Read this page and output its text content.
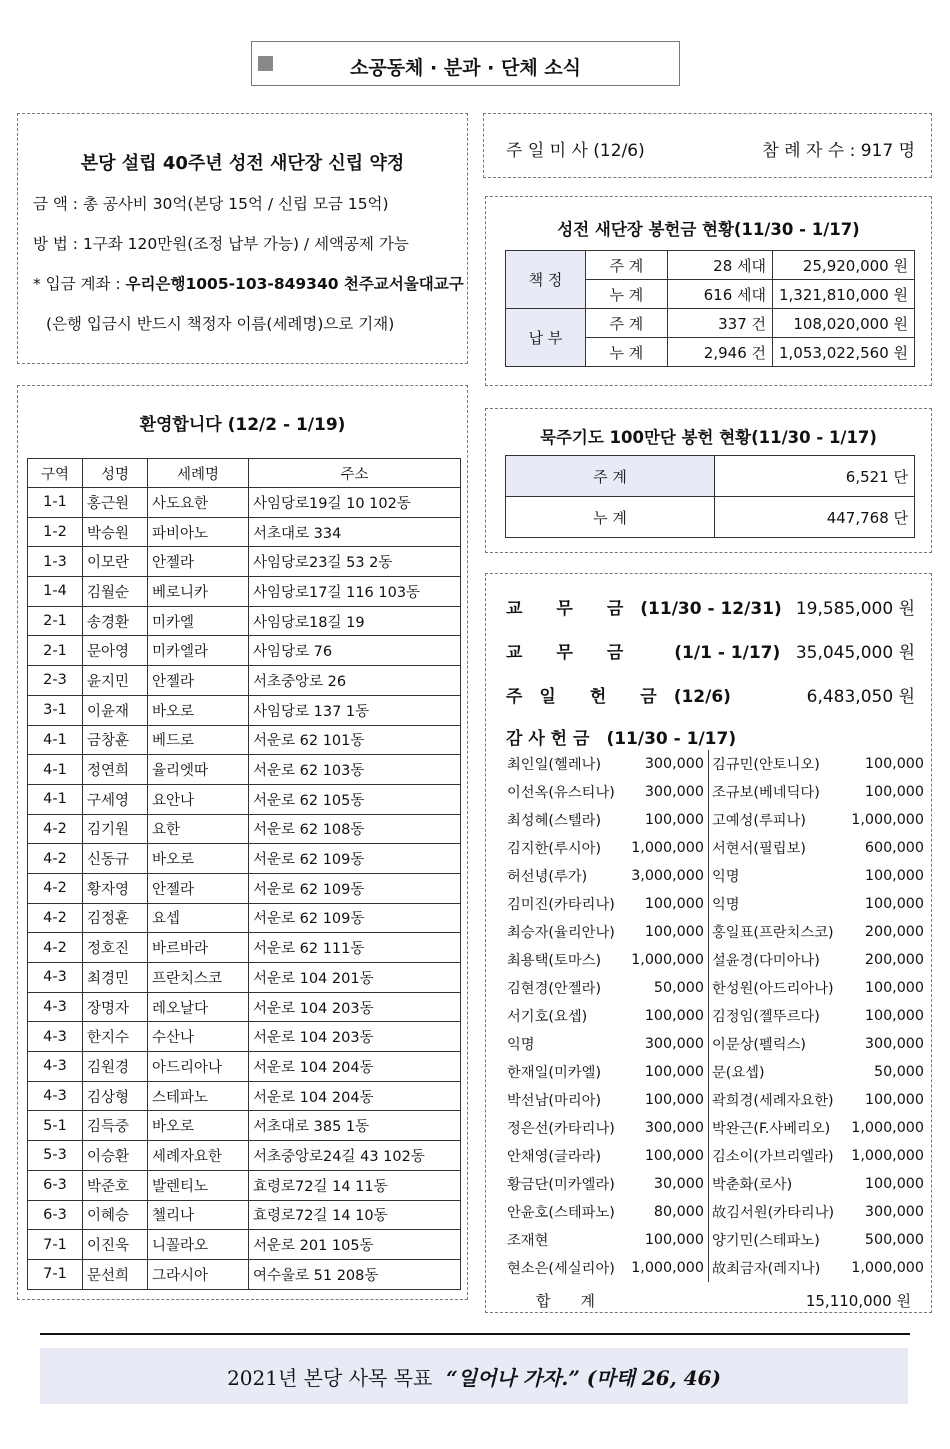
소공동체 · 분과 · 단체 소식
본당 설립 40주년 성전 새단장 신립 약정
금 액 : 총 공사비 30억(본당 15억 / 신립 모금 15억)
방 법 : 1구좌 120만원(조정 납부 가능) / 세액공제 가능
* 입금 계좌 : 우리은행1005-103-849340 천주교서울대교구
(은행 입금시 반드시 책정자 이름(세례명)으로 기재)
환영합니다 (12/2 - 1/19)
구역	성명	세례명	주소
1-1	홍근원	사도요한	사임당로19길 10 102동
1-2	박승원	파비아노	서초대로 334
1-3	이모란	안젤라	사임당로23길 53 2동
1-4	김월순	베로니카	사임당로17길 116 103동
2-1	송경환	미카엘	사임당로18길 19
2-1	문아영	미카엘라	사임당로 76
2-3	윤지민	안젤라	서초중앙로 26
3-1	이윤재	바오로	사임당로 137 1동
4-1	금창훈	베드로	서운로 62 101동
4-1	정연희	율리엣따	서운로 62 103동
4-1	구세영	요안나	서운로 62 105동
4-2	김기원	요한	서운로 62 108동
4-2	신동규	바오로	서운로 62 109동
4-2	황자영	안젤라	서운로 62 109동
4-2	김정훈	요셉	서운로 62 109동
4-2	정호진	바르바라	서운로 62 111동
4-3	최경민	프란치스코	서운로 104 201동
4-3	장명자	레오날다	서운로 104 203동
4-3	한지수	수산나	서운로 104 203동
4-3	김원경	아드리아나	서운로 104 204동
4-3	김상형	스테파노	서운로 104 204동
5-1	김득중	바오로	서초대로 385 1동
5-3	이승환	세례자요한	서초중앙로24길 43 102동
6-3	박준호	발렌티노	효령로72길 14 11동
6-3	이혜승	첼리나	효령로72길 14 10동
7-1	이진욱	니꼴라오	서운로 201 105동
7-1	문선희	그라시아	여수울로 51 208동
주 일 미 사 (12/6)	참 례 자 수 : 917 명
성전 새단장 봉헌금 현황(11/30 - 1/17)
책 정	주 계	28 세대	25,920,000 원
	누 계	616 세대	1,321,810,000 원
납 부	주 계	337 건	108,020,000 원
	누 계	2,946 건	1,053,022,560 원
묵주기도 100만단 봉헌 현황(11/30 - 1/17)
주 계	6,521 단
누 계	447,768 단
교　　무　　금　(11/30 - 12/31) 19,585,000 원
교　　무　　금　　　(1/1 - 1/17) 35,045,000 원
주　일　　헌　　금　(12/6)	6,483,050 원
감 사 헌 금　(11/30 - 1/17)
최인일(헬레나)	300,000	김규민(안토니오)	100,000
이선옥(유스티나)	300,000	조규보(베네딕다)	100,000
최성혜(스텔라)	100,000	고예성(루피나)	1,000,000
김지한(루시아)	1,000,000	서현서(필립보)	600,000
허선녕(루가)	3,000,000	익명	100,000
김미진(카타리나)	100,000	익명	100,000
최승자(율리안나)	100,000	홍일표(프란치스코)	200,000
최용택(토마스)	1,000,000	설윤경(다미아나)	200,000
김현경(안젤라)	50,000	한성원(아드리아나)	100,000
서기호(요셉)	100,000	김정임(젤뚜르다)	100,000
익명	300,000	이문상(펠릭스)	300,000
한재일(미카엘)	100,000	문(요셉)	50,000
박선남(마리아)	100,000	곽희경(세례자요한)	100,000
정은선(카타리나)	300,000	박완근(F.사베리오)	1,000,000
안채영(글라라)	100,000	김소이(가브리엘라)	1,000,000
황금단(미카엘라)	30,000	박춘화(로사)	100,000
안윤호(스테파노)	80,000	故김서원(카타리나)	300,000
조재현	100,000	양기민(스테파노)	500,000
현소은(세실리아)	1,000,000	故최금자(레지나)	1,000,000
합　　계	15,110,000 원
2021년 본당 사목 목표 “일어나 가자.” (마태 26, 46)
